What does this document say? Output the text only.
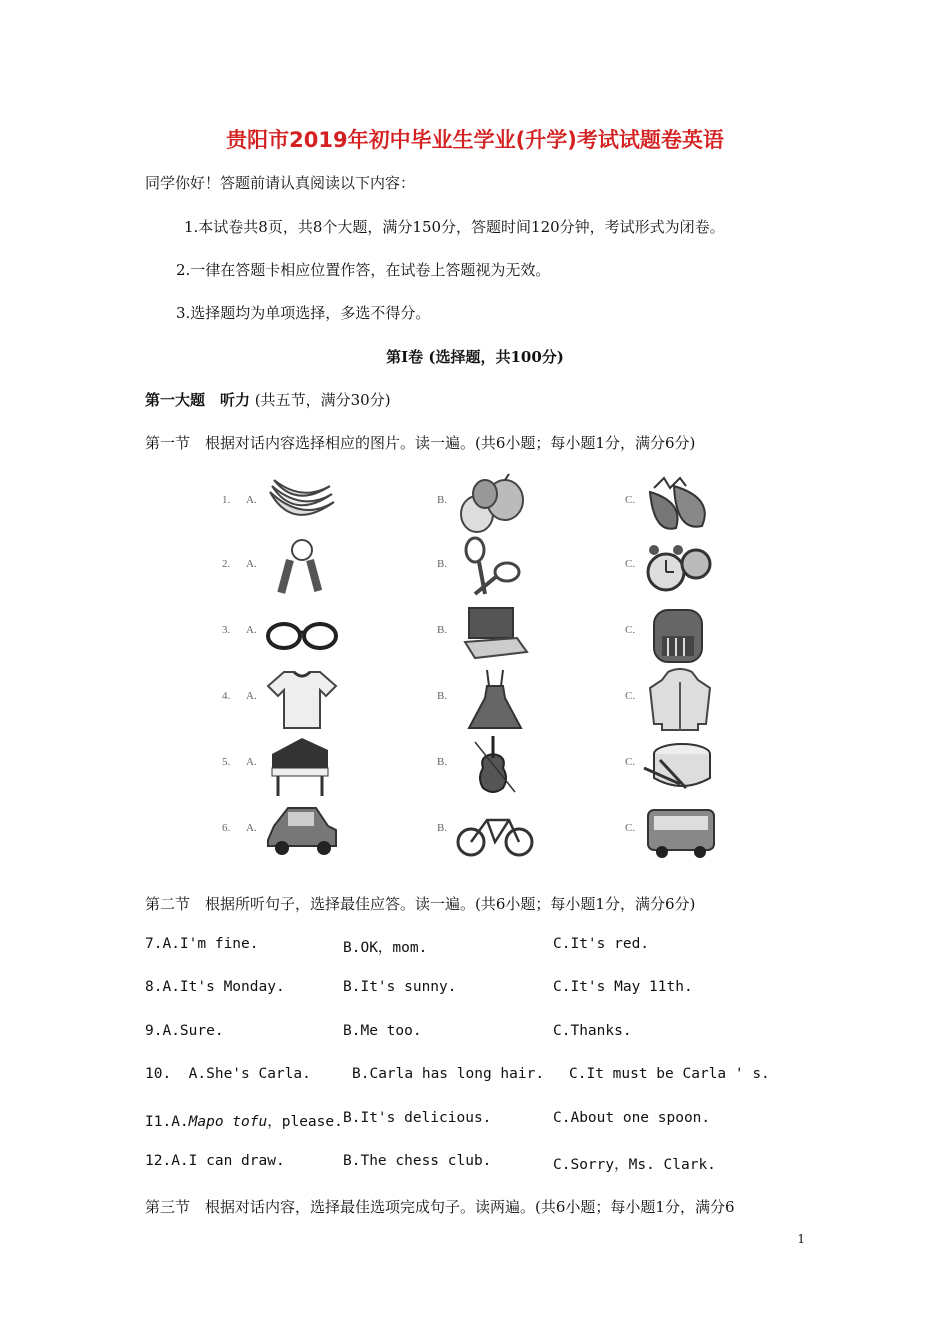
贵阳市2019年初中毕业生学业(升学)考试试题卷英语
同学你好！答题前请认真阅读以下内容：
1.本试卷共8页，共8个大题，满分150分，答题时间120分钟，考试形式为闭卷。
2.一律在答题卡相应位置作答，在试卷上答题视为无效。
3.选择题均为单项选择，多选不得分。
第Ⅰ卷 (选择题，共100分)
第一大题　听力 (共五节，满分30分)
第一节　根据对话内容选择相应的图片。读一遍。(共6小题；每小题1分，满分6分)
1. A.	B.	C.
2. A.	B.	C.
3. A.	B.	C.
4. A.	B.	C.
5. A.	B.	C.
6. A.	B.	C.
第二节　根据所听句子，选择最佳应答。读一遍。(共6小题；每小题1分，满分6分)
7.A.I'm fine.	B.OK，mom.	C.It's red.
8.A.It's Monday.	B.It's sunny.	C.It's May 11th.
9.A.Sure.	B.Me too.	C.Thanks.
10.  A.She's Carla.	B.Carla has long hair. C.It must be Carla ' s.
I1.A.Mapo tofu，please. B.It's delicious.	C.About one spoon.
12.A.I can draw.	B.The chess club.	C.Sorry，Ms. Clark.
第三节　根据对话内容，选择最佳选项完成句子。读两遍。(共6小题；每小题1分，满分6
1
